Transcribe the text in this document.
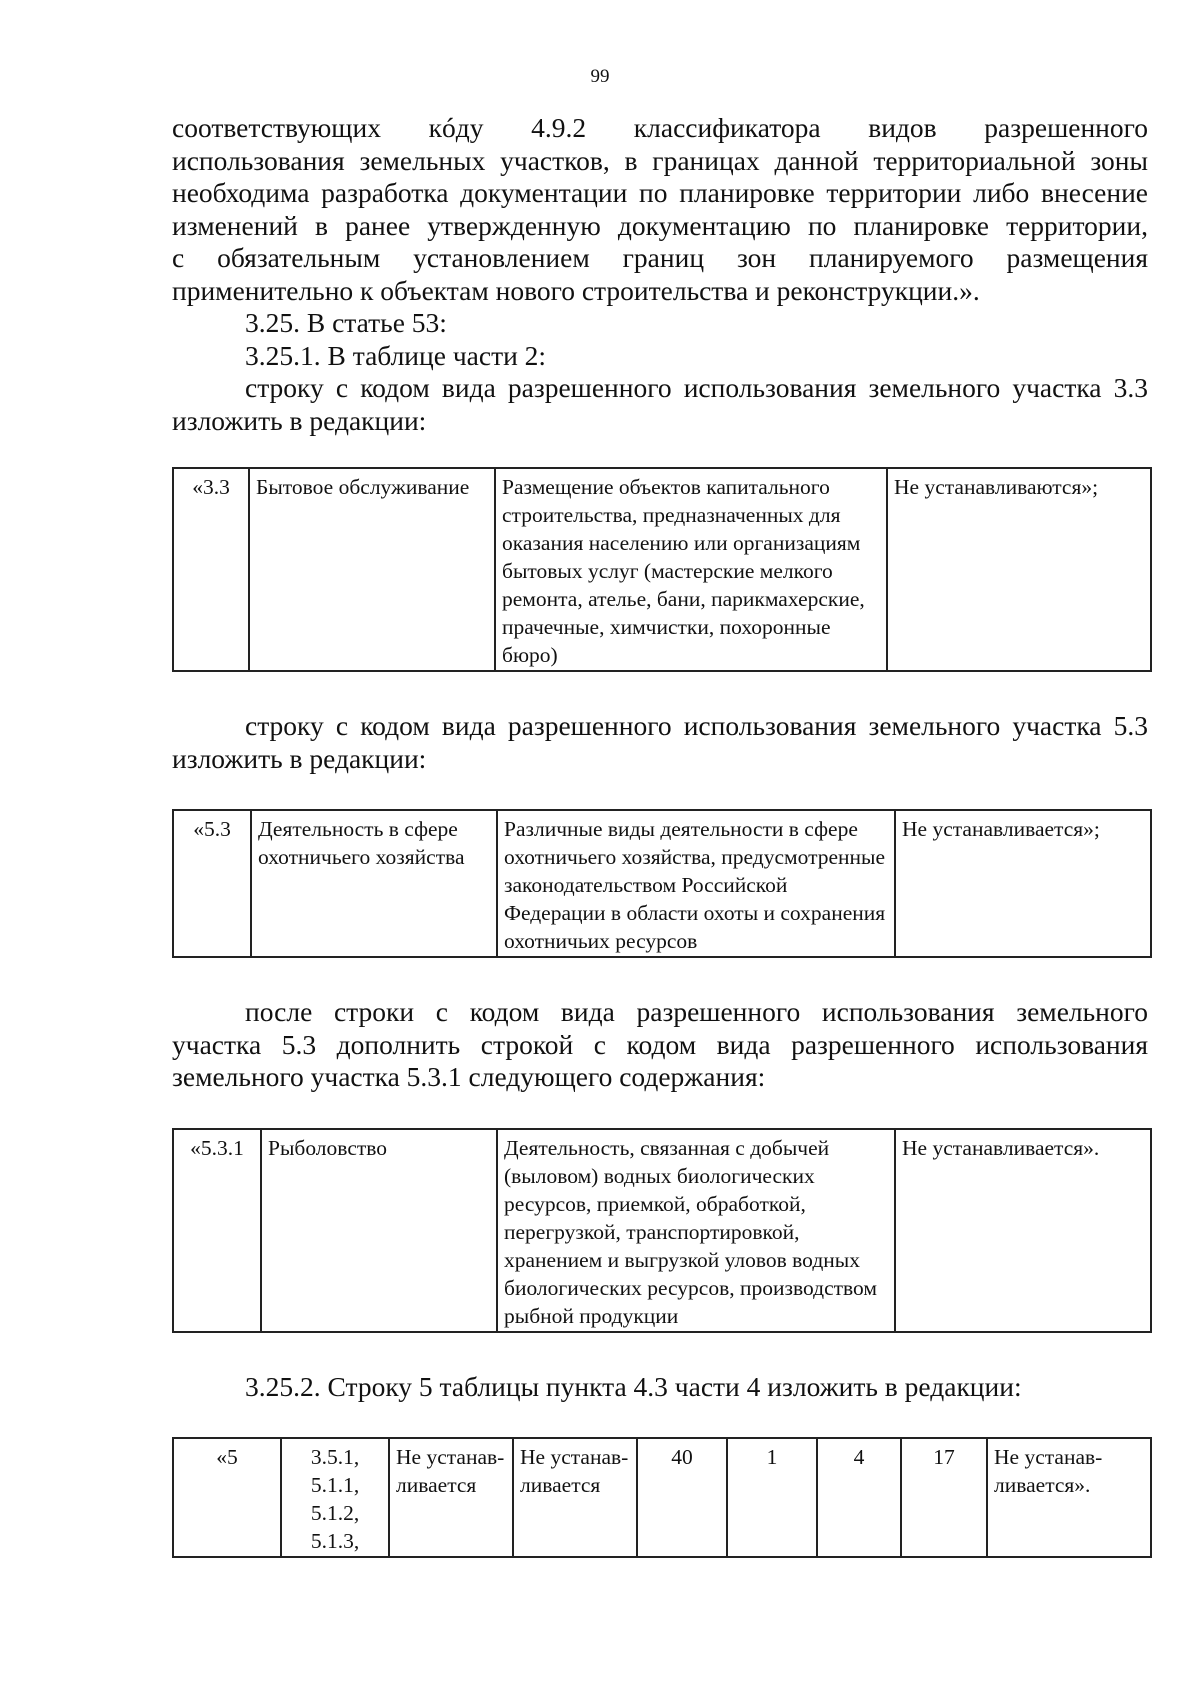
99

соответствующих кóду 4.9.2 классификатора видов разрешенного

использования земельных участков, в границах данной территориальной зоны

необходима разработка документации по планировке территории либо внесение

изменений в ранее утвержденную документацию по планировке территории,

с обязательным установлением границ зон планируемого размещения

применительно к объектам нового строительства и реконструкции.».

3.25. В статье 53:

3.25.1. В таблице части 2:

строку с кодом вида разрешенного использования земельного участка 3.3

изложить в редакции:

«3.3	Бытовое обслуживание	Размещение объектов капитального строительства, предназначенных для оказания населению или организациям бытовых услуг (мастерские мелкого ремонта, ателье, бани, парикмахерские, прачечные, химчистки, похоронные бюро)	Не устанавливаются»;

строку с кодом вида разрешенного использования земельного участка 5.3

изложить в редакции:

«5.3	Деятельность в сфере охотничьего хозяйства	Различные виды деятельности в сфере охотничьего хозяйства, предусмотренные законодательством Российской Федерации в области охоты и сохранения охотничьих ресурсов	Не устанавливается»;

после строки с кодом вида разрешенного использования земельного

участка 5.3 дополнить строкой с кодом вида разрешенного использования

земельного участка 5.3.1 следующего содержания:

«5.3.1	Рыболовство	Деятельность, связанная с добычей (выловом) водных биологических ресурсов, приемкой, обработкой, перегрузкой, транспортировкой, хранением и выгрузкой уловов водных биологических ресурсов, производством рыбной продукции	Не устанавливается».

3.25.2. Строку 5 таблицы пункта 4.3 части 4 изложить в редакции:

«5	3.5.1,
5.1.1,
5.1.2,
5.1.3,
	Не устанав-ливается	Не устанав-ливается	40	1	4	17	Не устанав-ливается».
